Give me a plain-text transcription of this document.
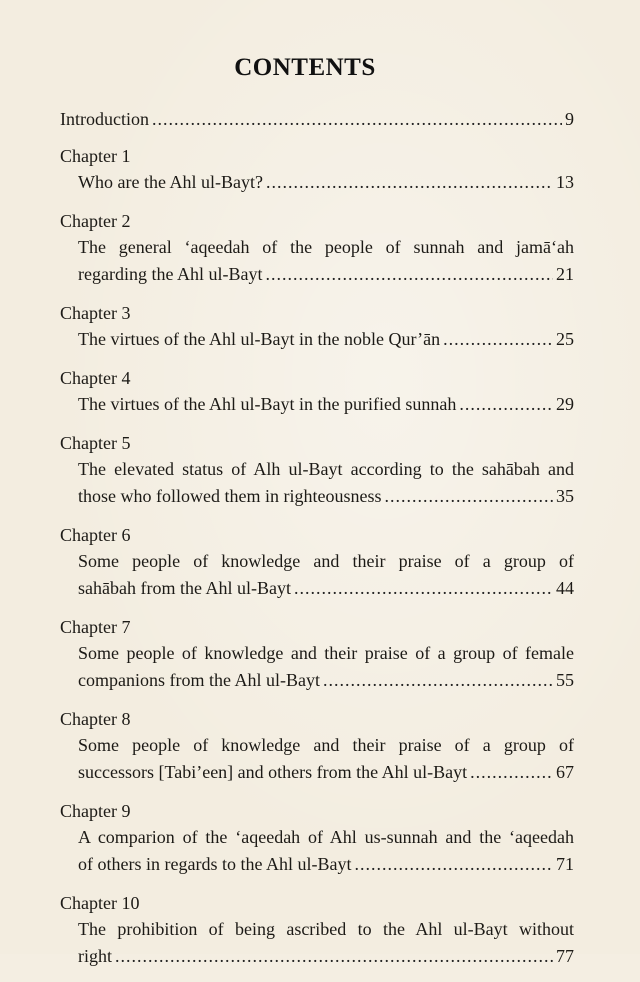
CONTENTS
Introduction .....	9
Chapter 1
Who are the Ahl ul-Bayt? .....	13
Chapter 2
The general ‘aqeedah of the people of sunnah and jamā‘ah
regarding the Ahl ul-Bayt .....	21
Chapter 3
The virtues of the Ahl ul-Bayt in the noble Qur’ān .....	25
Chapter 4
The virtues of the Ahl ul-Bayt in the purified sunnah .....	29
Chapter 5
The elevated status of Alh ul-Bayt according to the sahābah and
those who followed them in righteousness .....	35
Chapter 6
Some people of knowledge and their praise of a group of
sahābah from the Ahl ul-Bayt .....	44
Chapter 7
Some people of knowledge and their praise of a group of female
companions from the Ahl ul-Bayt .....	55
Chapter 8
Some people of knowledge and their praise of a group of
successors [Tabi’een] and others from the Ahl ul-Bayt .....	67
Chapter 9
A comparion of the ‘aqeedah of Ahl us-sunnah and the ‘aqeedah
of others in regards to the Ahl ul-Bayt .....	71
Chapter 10
The prohibition of being ascribed to the Ahl ul-Bayt without
right .....	77
